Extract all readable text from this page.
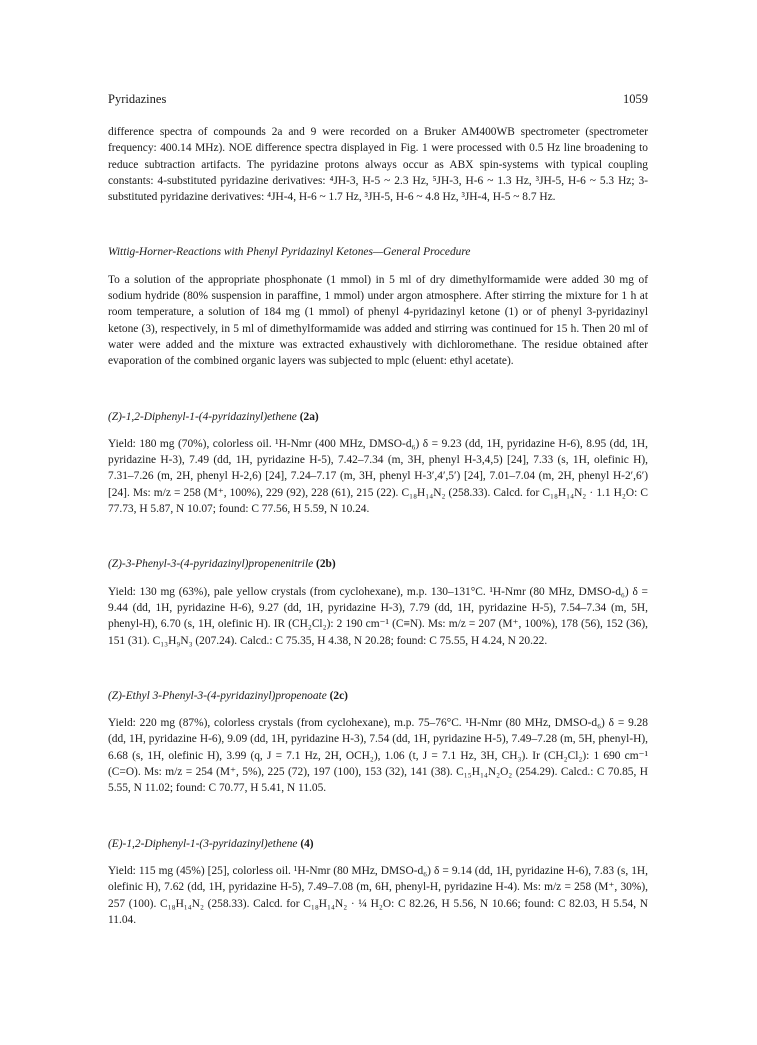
Pyridazines	1059

difference spectra of compounds 2a and 9 were recorded on a Bruker AM400WB spectrometer (spectrometer frequency: 400.14 MHz). NOE difference spectra displayed in Fig. 1 were processed with 0.5 Hz line broadening to reduce subtraction artifacts. The pyridazine protons always occur as ABX spin-systems with typical coupling constants: 4-substituted pyridazine derivatives: ⁴JH-3, H-5 ~ 2.3 Hz, ⁵JH-3, H-6 ~ 1.3 Hz, ³JH-5, H-6 ~ 5.3 Hz; 3-substituted pyridazine derivatives: ⁴JH-4, H-6 ~ 1.7 Hz, ³JH-5, H-6 ~ 4.8 Hz, ³JH-4, H-5 ~ 8.7 Hz.

Wittig-Horner-Reactions with Phenyl Pyridazinyl Ketones—General Procedure

To a solution of the appropriate phosphonate (1 mmol) in 5 ml of dry dimethylformamide were added 30 mg of sodium hydride (80% suspension in paraffine, 1 mmol) under argon atmosphere. After stirring the mixture for 1 h at room temperature, a solution of 184 mg (1 mmol) of phenyl 4-pyridazinyl ketone (1) or of phenyl 3-pyridazinyl ketone (3), respectively, in 5 ml of dimethylformamide was added and stirring was continued for 15 h. Then 20 ml of water were added and the mixture was extracted exhaustively with dichloromethane. The residue obtained after evaporation of the combined organic layers was subjected to mplc (eluent: ethyl acetate).

(Z)-1,2-Diphenyl-1-(4-pyridazinyl)ethene (2a)

Yield: 180 mg (70%), colorless oil. ¹H-Nmr (400 MHz, DMSO-d₆) δ = 9.23 (dd, 1H, pyridazine H-6), 8.95 (dd, 1H, pyridazine H-3), 7.49 (dd, 1H, pyridazine H-5), 7.42–7.34 (m, 3H, phenyl H-3,4,5) [24], 7.33 (s, 1H, olefinic H), 7.31–7.26 (m, 2H, phenyl H-2,6) [24], 7.24–7.17 (m, 3H, phenyl H-3′,4′,5′) [24], 7.01–7.04 (m, 2H, phenyl H-2′,6′) [24]. Ms: m/z = 258 (M⁺, 100%), 229 (92), 228 (61), 215 (22). C₁₈H₁₄N₂ (258.33). Calcd. for C₁₈H₁₄N₂ · 1.1 H₂O: C 77.73, H 5.87, N 10.07; found: C 77.56, H 5.59, N 10.24.

(Z)-3-Phenyl-3-(4-pyridazinyl)propenenitrile (2b)

Yield: 130 mg (63%), pale yellow crystals (from cyclohexane), m.p. 130–131°C. ¹H-Nmr (80 MHz, DMSO-d₆) δ = 9.44 (dd, 1H, pyridazine H-6), 9.27 (dd, 1H, pyridazine H-3), 7.79 (dd, 1H, pyridazine H-5), 7.54–7.34 (m, 5H, phenyl-H), 6.70 (s, 1H, olefinic H). IR (CH₂Cl₂): 2 190 cm⁻¹ (C≡N). Ms: m/z = 207 (M⁺, 100%), 178 (56), 152 (36), 151 (31). C₁₃H₉N₃ (207.24). Calcd.: C 75.35, H 4.38, N 20.28; found: C 75.55, H 4.24, N 20.22.

(Z)-Ethyl 3-Phenyl-3-(4-pyridazinyl)propenoate (2c)

Yield: 220 mg (87%), colorless crystals (from cyclohexane), m.p. 75–76°C. ¹H-Nmr (80 MHz, DMSO-d₆) δ = 9.28 (dd, 1H, pyridazine H-6), 9.09 (dd, 1H, pyridazine H-3), 7.54 (dd, 1H, pyridazine H-5), 7.49–7.28 (m, 5H, phenyl-H), 6.68 (s, 1H, olefinic H), 3.99 (q, J = 7.1 Hz, 2H, OCH₂), 1.06 (t, J = 7.1 Hz, 3H, CH₃). Ir (CH₂Cl₂): 1 690 cm⁻¹ (C=O). Ms: m/z = 254 (M⁺, 5%), 225 (72), 197 (100), 153 (32), 141 (38). C₁₅H₁₄N₂O₂ (254.29). Calcd.: C 70.85, H 5.55, N 11.02; found: C 70.77, H 5.41, N 11.05.

(E)-1,2-Diphenyl-1-(3-pyridazinyl)ethene (4)

Yield: 115 mg (45%) [25], colorless oil. ¹H-Nmr (80 MHz, DMSO-d₆) δ = 9.14 (dd, 1H, pyridazine H-6), 7.83 (s, 1H, olefinic H), 7.62 (dd, 1H, pyridazine H-5), 7.49–7.08 (m, 6H, phenyl-H, pyridazine H-4). Ms: m/z = 258 (M⁺, 30%), 257 (100). C₁₈H₁₄N₂ (258.33). Calcd. for C₁₈H₁₄N₂ · ¼ H₂O: C 82.26, H 5.56, N 10.66; found: C 82.03, H 5.54, N 11.04.
